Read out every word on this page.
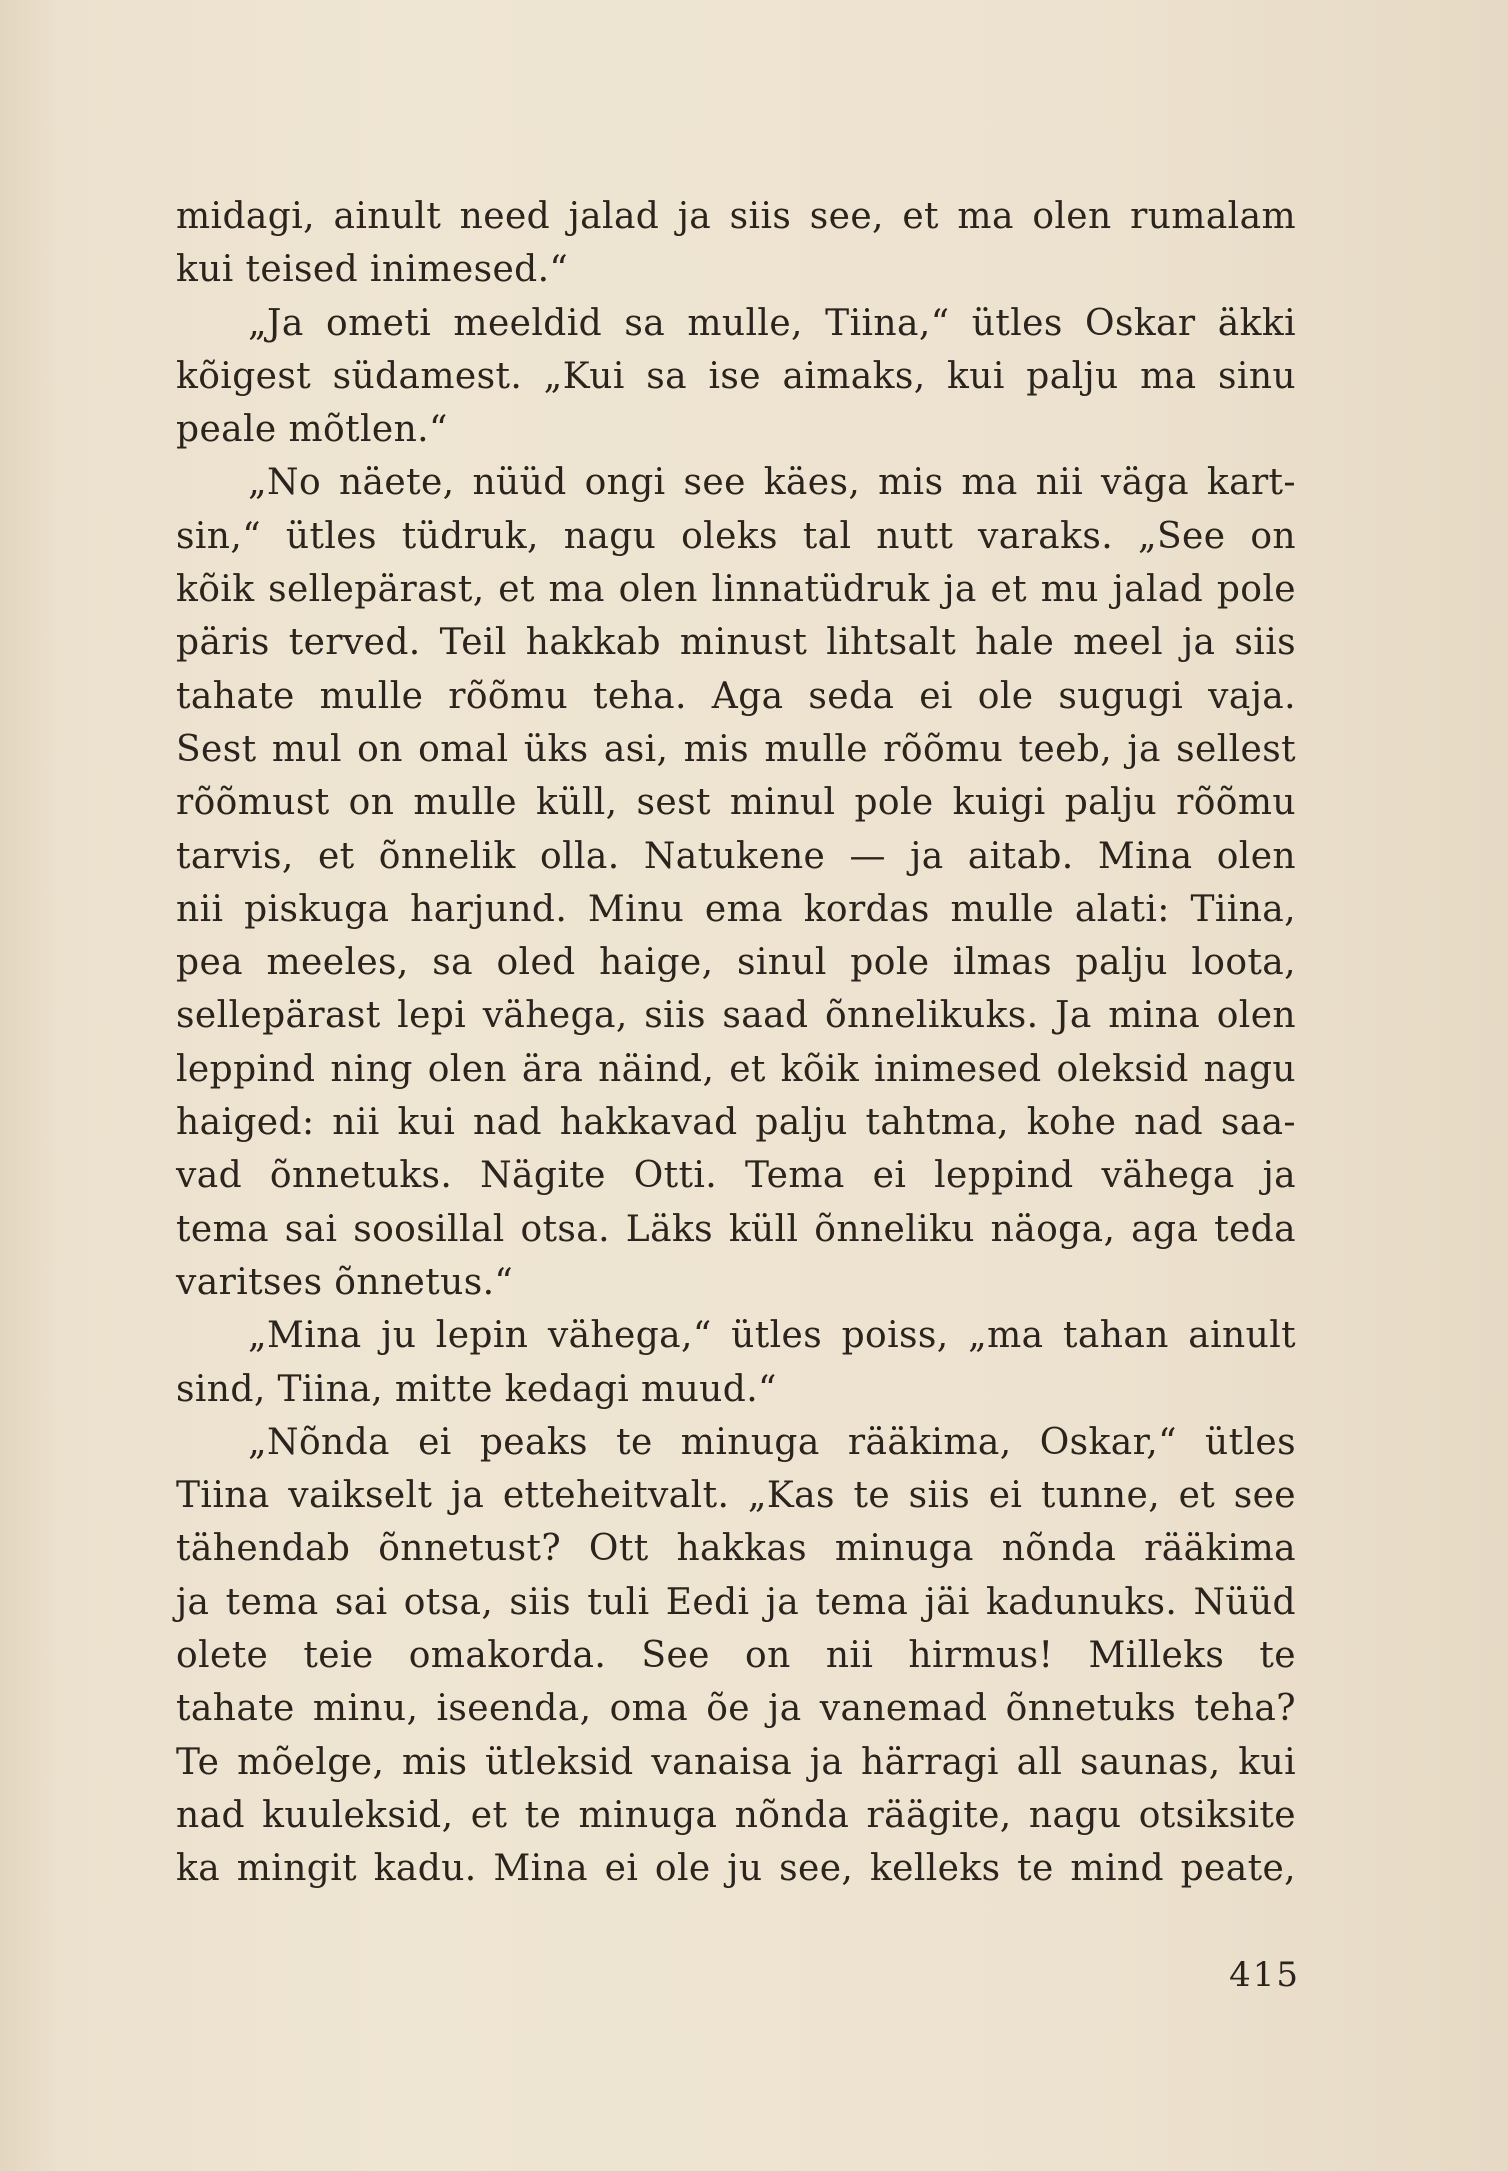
midagi, ainult need jalad ja siis see, et ma olen rumalam
kui teised inimesed.“
„Ja ometi meeldid sa mulle, Tiina,“ ütles Oskar äkki
kõigest südamest. „Kui sa ise aimaks, kui palju ma sinu
peale mõtlen.“
„No näete, nüüd ongi see käes, mis ma nii väga kart-
sin,“ ütles tüdruk, nagu oleks tal nutt varaks. „See on
kõik sellepärast, et ma olen linnatüdruk ja et mu jalad pole
päris terved. Teil hakkab minust lihtsalt hale meel ja siis
tahate mulle rõõmu teha. Aga seda ei ole sugugi vaja.
Sest mul on omal üks asi, mis mulle rõõmu teeb, ja sellest
rõõmust on mulle küll, sest minul pole kuigi palju rõõmu
tarvis, et õnnelik olla. Natukene — ja aitab. Mina olen
nii piskuga harjund. Minu ema kordas mulle alati: Tiina,
pea meeles, sa oled haige, sinul pole ilmas palju loota,
sellepärast lepi vähega, siis saad õnnelikuks. Ja mina olen
leppind ning olen ära näind, et kõik inimesed oleksid nagu
haiged: nii kui nad hakkavad palju tahtma, kohe nad saa-
vad õnnetuks. Nägite Otti. Tema ei leppind vähega ja
tema sai soosillal otsa. Läks küll õnneliku näoga, aga teda
varitses õnnetus.“
„Mina ju lepin vähega,“ ütles poiss, „ma tahan ainult
sind, Tiina, mitte kedagi muud.“
„Nõnda ei peaks te minuga rääkima, Oskar,“ ütles
Tiina vaikselt ja etteheitvalt. „Kas te siis ei tunne, et see
tähendab õnnetust? Ott hakkas minuga nõnda rääkima
ja tema sai otsa, siis tuli Eedi ja tema jäi kadunuks. Nüüd
olete teie omakorda. See on nii hirmus! Milleks te
tahate minu, iseenda, oma õe ja vanemad õnnetuks teha?
Te mõelge, mis ütleksid vanaisa ja härragi all saunas, kui
nad kuuleksid, et te minuga nõnda räägite, nagu otsiksite
ka mingit kadu. Mina ei ole ju see, kelleks te mind peate,
415
